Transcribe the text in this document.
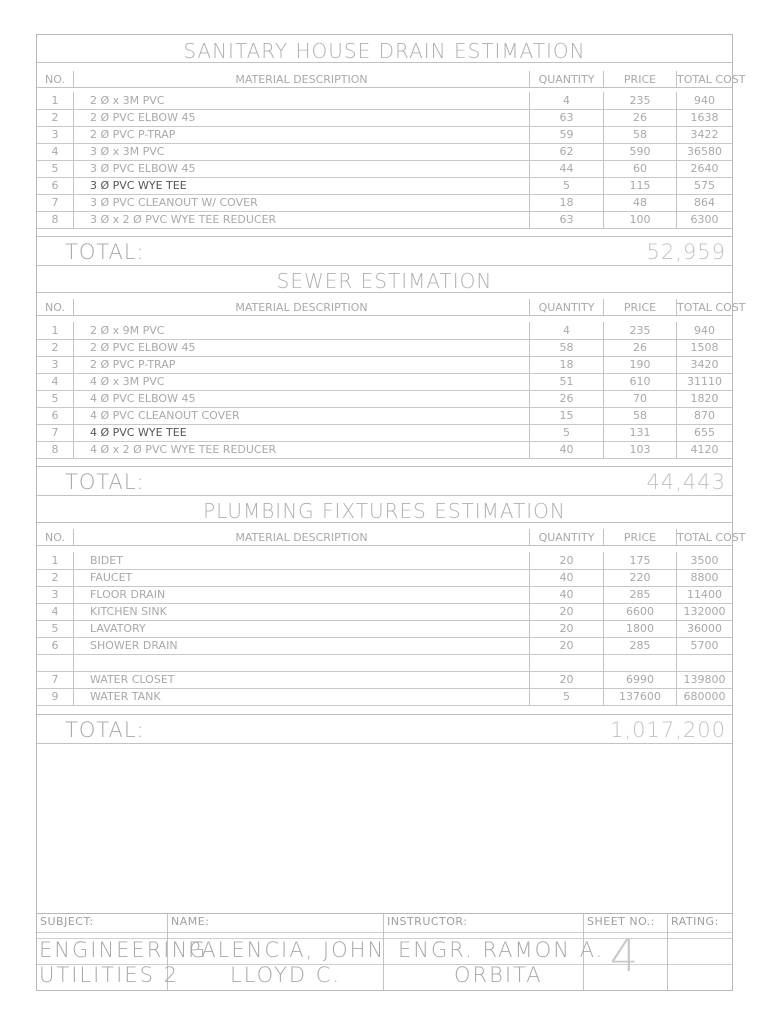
SANITARY HOUSE DRAIN ESTIMATION
NO.	MATERIAL DESCRIPTION	QUANTITY	PRICE	TOTAL COST
1	2 Ø x 3M PVC	4	235	940
2	2 Ø PVC ELBOW 45	63	26	1638
3	2 Ø PVC P-TRAP	59	58	3422
4	3 Ø x 3M PVC	62	590	36580
5	3 Ø PVC ELBOW 45	44	60	2640
6	3 Ø PVC WYE TEE	5	115	575
7	3 Ø PVC CLEANOUT W/ COVER	18	48	864
8	3 Ø x 2 Ø PVC WYE TEE REDUCER	63	100	6300
TOTAL:	52,959
SEWER ESTIMATION
NO.	MATERIAL DESCRIPTION	QUANTITY	PRICE	TOTAL COST
1	2 Ø x 9M PVC	4	235	940
2	2 Ø PVC ELBOW 45	58	26	1508
3	2 Ø PVC P-TRAP	18	190	3420
4	4 Ø x 3M PVC	51	610	31110
5	4 Ø PVC ELBOW 45	26	70	1820
6	4 Ø PVC CLEANOUT COVER	15	58	870
7	4 Ø PVC WYE TEE	5	131	655
8	4 Ø x 2 Ø PVC WYE TEE REDUCER	40	103	4120
TOTAL:	44,443
PLUMBING FIXTURES ESTIMATION
NO.	MATERIAL DESCRIPTION	QUANTITY	PRICE	TOTAL COST
1	BIDET	20	175	3500
2	FAUCET	40	220	8800
3	FLOOR DRAIN	40	285	11400
4	KITCHEN SINK	20	6600	132000
5	LAVATORY	20	1800	36000
6	SHOWER DRAIN	20	285	5700
7	WATER CLOSET	20	6990	139800
9	WATER TANK	5	137600	680000
TOTAL:	1,017,200
SUBJECT:
ENGINEERING
UTILITIES 2
NAME:
PALENCIA, JOHN
LLOYD C.
INSTRUCTOR:
ENGR. RAMON A.
ORBITA
SHEET NO.:
4
RATING:
